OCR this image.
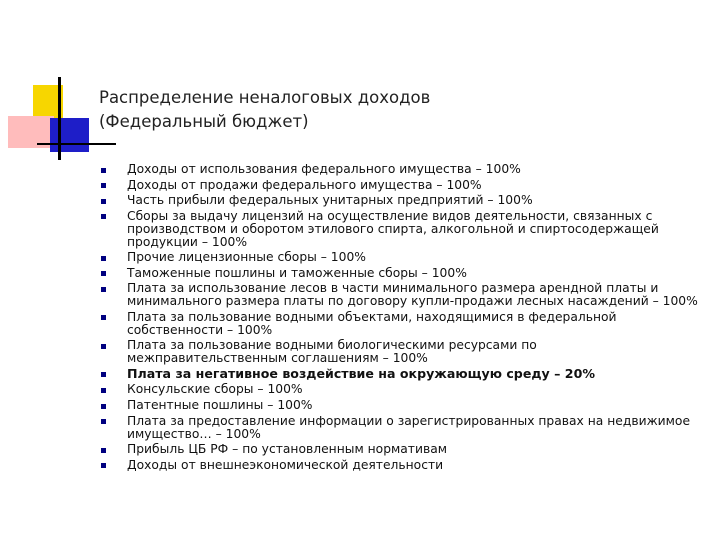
Распределение неналоговых доходов
(Федеральный бюджет)
Доходы от использования федерального имущества – 100%
Доходы от продажи федерального имущества – 100%
Часть прибыли федеральных унитарных предприятий – 100%
Сборы за выдачу лицензий на осуществление видов деятельности, связанных с производством и оборотом этилового спирта, алкогольной и спиртосодержащей продукции – 100%
Прочие лицензионные сборы – 100%
Таможенные пошлины и таможенные сборы – 100%
Плата за использование лесов в части минимального размера арендной платы и минимального размера платы по договору купли-продажи лесных насаждений – 100%
Плата за пользование водными объектами, находящимися в федеральной собственности – 100%
Плата за пользование водными биологическими ресурсами по межправительственным соглашениям – 100%
Плата за негативное воздействие на окружающую среду – 20%
Консульские сборы – 100%
Патентные пошлины – 100%
Плата за предоставление информации о зарегистрированных правах на недвижимое имущество… – 100%
Прибыль ЦБ РФ – по установленным нормативам
Доходы от внешнеэкономической деятельности
